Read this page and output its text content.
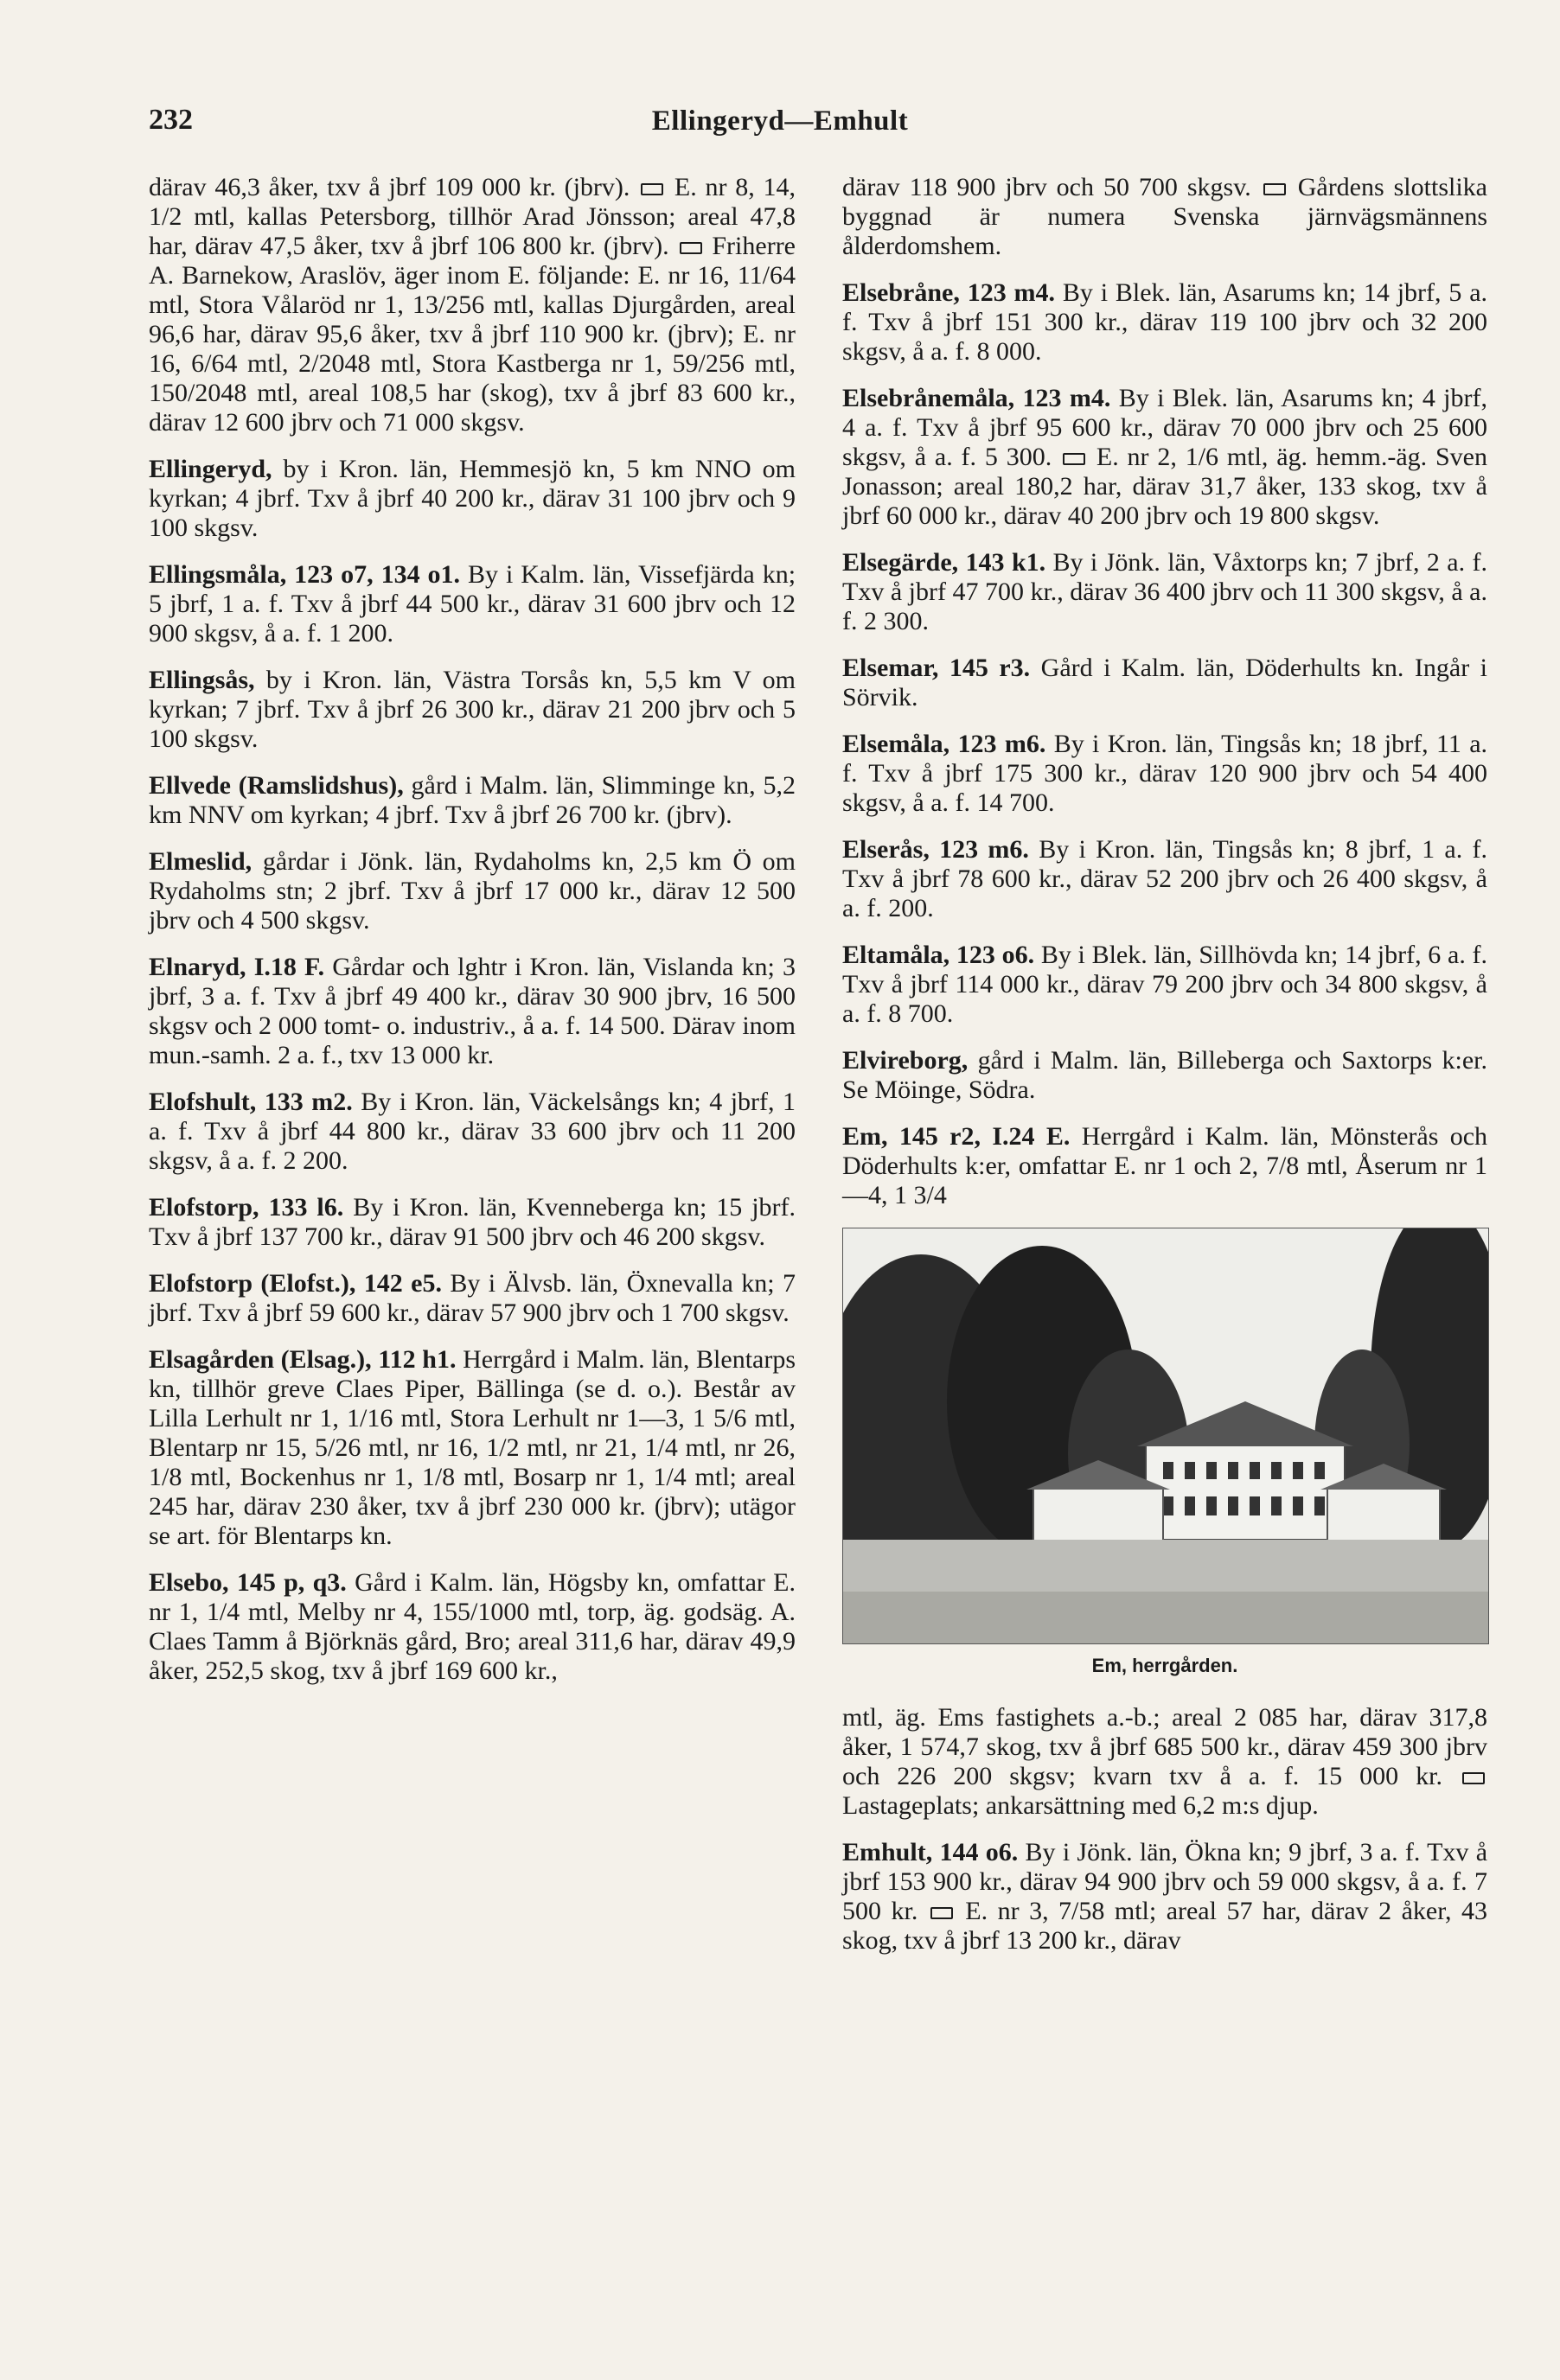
232	Ellingeryd—Emhult

därav 46,3 åker, txv å jbrf 109 000 kr. (jbrv).  E. nr 8, 14, 1/2 mtl, kallas Petersborg, tillhör Arad Jönsson; areal 47,8 har, därav 47,5 åker, txv å jbrf 106 800 kr. (jbrv).  Friherre A. Barnekow, Araslöv, äger inom E. följande: E. nr 16, 11/64 mtl, Stora Vålaröd nr 1, 13/256 mtl, kallas Djurgården, areal 96,6 har, därav 95,6 åker, txv å jbrf 110 900 kr. (jbrv); E. nr 16, 6/64 mtl, 2/2048 mtl, Stora Kastberga nr 1, 59/256 mtl, 150/2048 mtl, areal 108,5 har (skog), txv å jbrf 83 600 kr., därav 12 600 jbrv och 71 000 skgsv.

Ellingeryd, by i Kron. län, Hemmesjö kn, 5 km NNO om kyrkan; 4 jbrf. Txv å jbrf 40 200 kr., därav 31 100 jbrv och 9 100 skgsv.

Ellingsmåla, 123 o7, 134 o1. By i Kalm. län, Vissefjärda kn; 5 jbrf, 1 a. f. Txv å jbrf 44 500 kr., därav 31 600 jbrv och 12 900 skgsv, å a. f. 1 200.

Ellingsås, by i Kron. län, Västra Torsås kn, 5,5 km V om kyrkan; 7 jbrf. Txv å jbrf 26 300 kr., därav 21 200 jbrv och 5 100 skgsv.

Ellvede (Ramslidshus), gård i Malm. län, Slimminge kn, 5,2 km NNV om kyrkan; 4 jbrf. Txv å jbrf 26 700 kr. (jbrv).

Elmeslid, gårdar i Jönk. län, Rydaholms kn, 2,5 km Ö om Rydaholms stn; 2 jbrf. Txv å jbrf 17 000 kr., därav 12 500 jbrv och 4 500 skgsv.

Elnaryd, I.18 F. Gårdar och lghtr i Kron. län, Vislanda kn; 3 jbrf, 3 a. f. Txv å jbrf 49 400 kr., därav 30 900 jbrv, 16 500 skgsv och 2 000 tomt- o. industriv., å a. f. 14 500. Därav inom mun.-samh. 2 a. f., txv 13 000 kr.

Elofshult, 133 m2. By i Kron. län, Väckelsångs kn; 4 jbrf, 1 a. f. Txv å jbrf 44 800 kr., därav 33 600 jbrv och 11 200 skgsv, å a. f. 2 200.

Elofstorp, 133 l6. By i Kron. län, Kvenneberga kn; 15 jbrf. Txv å jbrf 137 700 kr., därav 91 500 jbrv och 46 200 skgsv.

Elofstorp (Elofst.), 142 e5. By i Älvsb. län, Öxnevalla kn; 7 jbrf. Txv å jbrf 59 600 kr., därav 57 900 jbrv och 1 700 skgsv.

Elsagården (Elsag.), 112 h1. Herrgård i Malm. län, Blentarps kn, tillhör greve Claes Piper, Bällinga (se d. o.). Består av Lilla Lerhult nr 1, 1/16 mtl, Stora Lerhult nr 1—3, 1 5/6 mtl, Blentarp nr 15, 5/26 mtl, nr 16, 1/2 mtl, nr 21, 1/4 mtl, nr 26, 1/8 mtl, Bockenhus nr 1, 1/8 mtl, Bosarp nr 1, 1/4 mtl; areal 245 har, därav 230 åker, txv å jbrf 230 000 kr. (jbrv); utägor se art. för Blentarps kn.

Elsebo, 145 p, q3. Gård i Kalm. län, Högsby kn, omfattar E. nr 1, 1/4 mtl, Melby nr 4, 155/1000 mtl, torp, äg. godsäg. A. Claes Tamm å Björknäs gård, Bro; areal 311,6 har, därav 49,9 åker, 252,5 skog, txv å jbrf 169 600 kr.,

därav 118 900 jbrv och 50 700 skgsv.  Gårdens slottslika byggnad är numera Svenska järnvägsmännens ålderdomshem.

Elsebråne, 123 m4. By i Blek. län, Asarums kn; 14 jbrf, 5 a. f. Txv å jbrf 151 300 kr., därav 119 100 jbrv och 32 200 skgsv, å a. f. 8 000.

Elsebrånemåla, 123 m4. By i Blek. län, Asarums kn; 4 jbrf, 4 a. f. Txv å jbrf 95 600 kr., därav 70 000 jbrv och 25 600 skgsv, å a. f. 5 300.  E. nr 2, 1/6 mtl, äg. hemm.-äg. Sven Jonasson; areal 180,2 har, därav 31,7 åker, 133 skog, txv å jbrf 60 000 kr., därav 40 200 jbrv och 19 800 skgsv.

Elsegärde, 143 k1. By i Jönk. län, Våxtorps kn; 7 jbrf, 2 a. f. Txv å jbrf 47 700 kr., därav 36 400 jbrv och 11 300 skgsv, å a. f. 2 300.

Elsemar, 145 r3. Gård i Kalm. län, Döderhults kn. Ingår i Sörvik.

Elsemåla, 123 m6. By i Kron. län, Tingsås kn; 18 jbrf, 11 a. f. Txv å jbrf 175 300 kr., därav 120 900 jbrv och 54 400 skgsv, å a. f. 14 700.

Elserås, 123 m6. By i Kron. län, Tingsås kn; 8 jbrf, 1 a. f. Txv å jbrf 78 600 kr., därav 52 200 jbrv och 26 400 skgsv, å a. f. 200.

Eltamåla, 123 o6. By i Blek. län, Sillhövda kn; 14 jbrf, 6 a. f. Txv å jbrf 114 000 kr., därav 79 200 jbrv och 34 800 skgsv, å a. f. 8 700.

Elvireborg, gård i Malm. län, Billeberga och Saxtorps k:er. Se Möinge, Södra.

Em, 145 r2, I.24 E. Herrgård i Kalm. län, Mönsterås och Döderhults k:er, omfattar E. nr 1 och 2, 7/8 mtl, Åserum nr 1—4, 1 3/4

Em, herrgården.

mtl, äg. Ems fastighets a.-b.; areal 2 085 har, därav 317,8 åker, 1 574,7 skog, txv å jbrf 685 500 kr., därav 459 300 jbrv och 226 200 skgsv; kvarn txv å a. f. 15 000 kr.  Lastageplats; ankarsättning med 6,2 m:s djup.

Emhult, 144 o6. By i Jönk. län, Ökna kn; 9 jbrf, 3 a. f. Txv å jbrf 153 900 kr., därav 94 900 jbrv och 59 000 skgsv, å a. f. 7 500 kr.  E. nr 3, 7/58 mtl; areal 57 har, därav 2 åker, 43 skog, txv å jbrf 13 200 kr., därav
